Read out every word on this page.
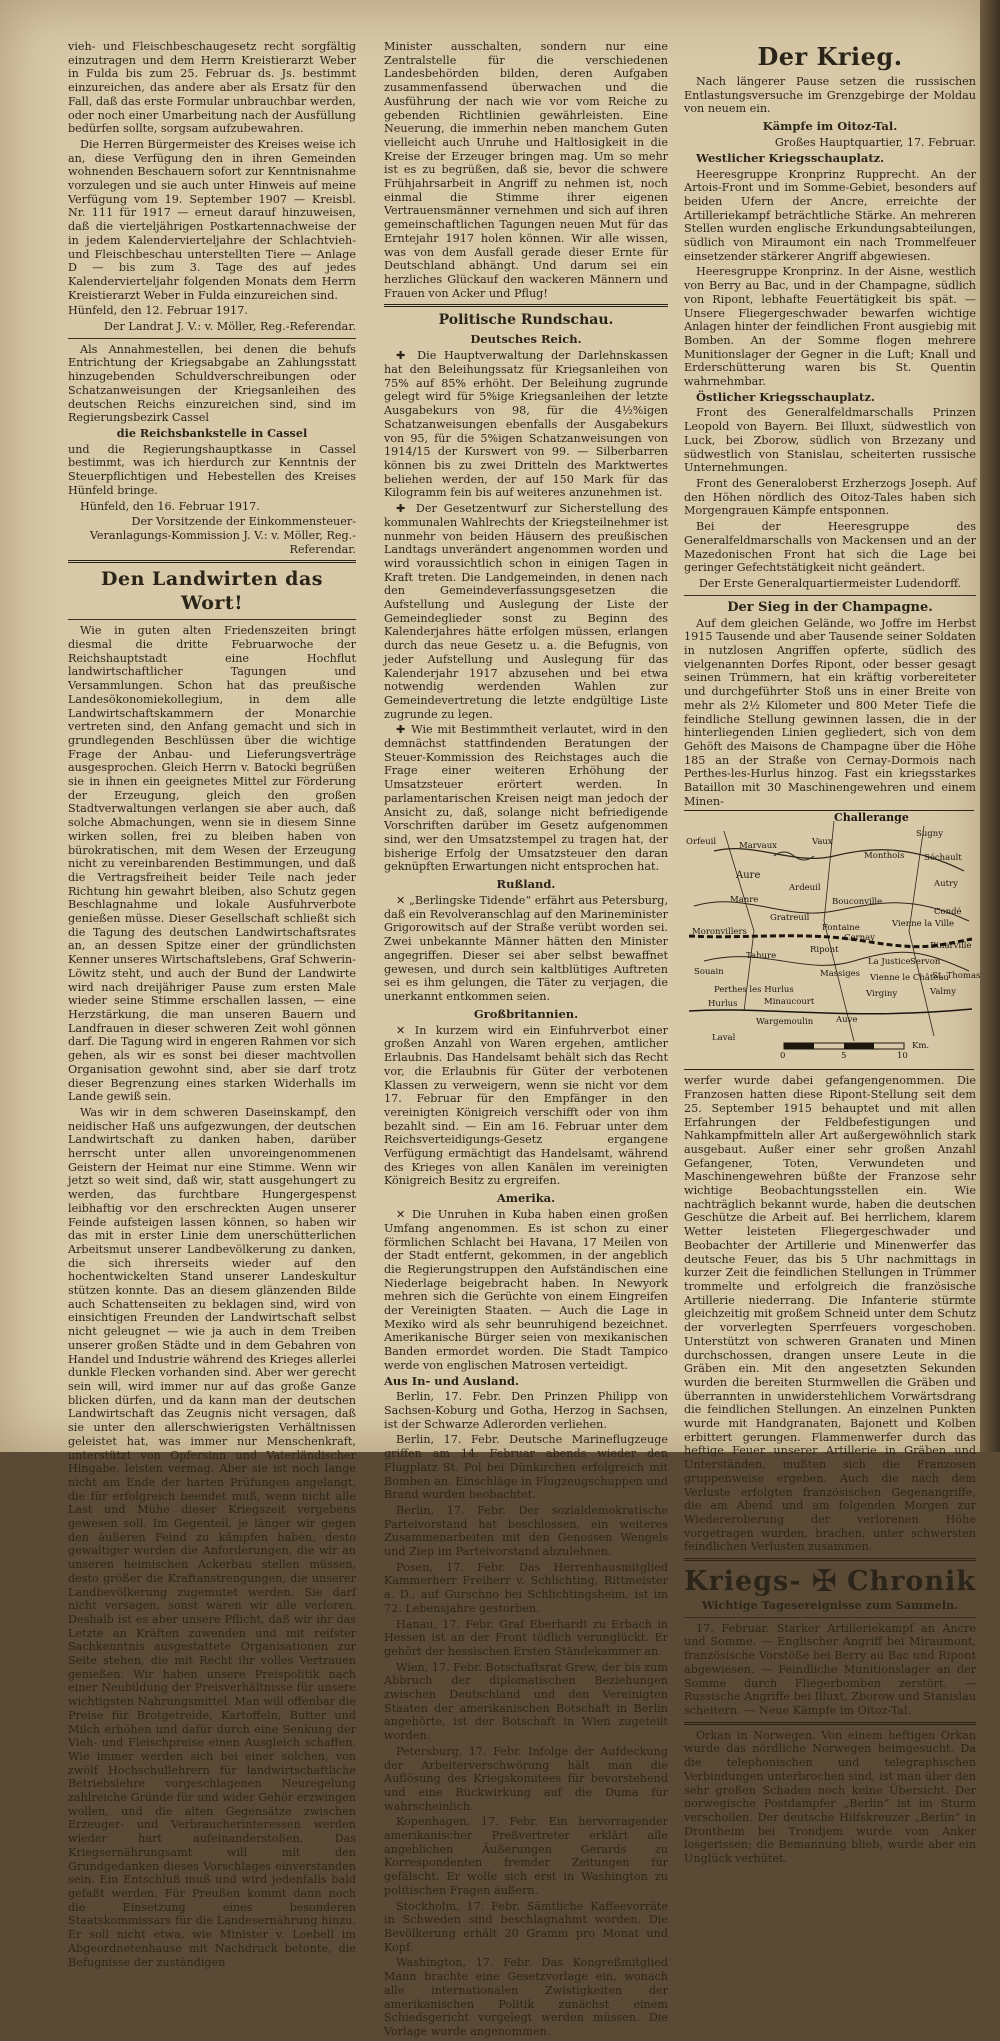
vieh- und Fleischbeschaugesetz recht sorgfältig einzutragen und dem Herrn Kreistierarzt Weber in Fulda bis zum 25. Februar ds. Js. bestimmt einzureichen, das andere aber als Ersatz für den Fall, daß das erste Formular unbrauchbar werden, oder noch einer Umarbeitung nach der Ausfüllung bedürfen sollte, sorgsam aufzubewahren.

Die Herren Bürgermeister des Kreises weise ich an, diese Verfügung den in ihren Gemeinden wohnenden Beschauern sofort zur Kenntnisnahme vorzulegen und sie auch unter Hinweis auf meine Verfügung vom 19. September 1907 — Kreisbl. Nr. 111 für 1917 — erneut darauf hinzuweisen, daß die vierteljährigen Postkartennachweise der in jedem Kalendervierteljahre der Schlachtvieh- und Fleischbeschau unterstellten Tiere — Anlage D — bis zum 3. Tage des auf jedes Kalendervierteljahr folgenden Monats dem Herrn Kreistierarzt Weber in Fulda einzureichen sind.

Hünfeld, den 12. Februar 1917.

Der Landrat J. V.: v. Möller, Reg.-Referendar.

Als Annahmestellen, bei denen die behufs Entrichtung der Kriegsabgabe an Zahlungsstatt hinzugebenden Schuldverschreibungen oder Schatzanweisungen der Kriegsanleihen des deutschen Reichs einzureichen sind, sind im Regierungsbezirk Cassel

die Reichsbankstelle in Cassel

und die Regierungshauptkasse in Cassel bestimmt, was ich hierdurch zur Kenntnis der Steuerpflichtigen und Hebestellen des Kreises Hünfeld bringe.

Hünfeld, den 16. Februar 1917.

Der Vorsitzende der Einkommensteuer-Veranlagungs-Kommission J. V.: v. Möller, Reg.-Referendar.

Den Landwirten das Wort!

Wie in guten alten Friedenszeiten bringt diesmal die dritte Februarwoche der Reichshauptstadt eine Hochflut landwirtschaftlicher Tagungen und Versammlungen. Schon hat das preußische Landesökonomiekollegium, in dem alle Landwirtschaftskammern der Monarchie vertreten sind, den Anfang gemacht und sich in grundlegenden Beschlüssen über die wichtige Frage der Anbau- und Lieferungsverträge ausgesprochen. Gleich Herrn v. Batocki begrüßen sie in ihnen ein geeignetes Mittel zur Förderung der Erzeugung, gleich den großen Stadtverwaltungen verlangen sie aber auch, daß solche Abmachungen, wenn sie in diesem Sinne wirken sollen, frei zu bleiben haben von bürokratischen, mit dem Wesen der Erzeugung nicht zu vereinbarenden Bestimmungen, und daß die Vertragsfreiheit beider Teile nach jeder Richtung hin gewahrt bleiben, also Schutz gegen Beschlagnahme und lokale Ausfuhrverbote genießen müsse. Dieser Gesellschaft schließt sich die Tagung des deutschen Landwirtschaftsrates an, an dessen Spitze einer der gründlichsten Kenner unseres Wirtschaftslebens, Graf Schwerin-Löwitz steht, und auch der Bund der Landwirte wird nach dreijähriger Pause zum ersten Male wieder seine Stimme erschallen lassen, — eine Herzstärkung, die man unseren Bauern und Landfrauen in dieser schweren Zeit wohl gönnen darf. Die Tagung wird in engeren Rahmen vor sich gehen, als wir es sonst bei dieser machtvollen Organisation gewohnt sind, aber sie darf trotz dieser Begrenzung eines starken Widerhalls im Lande gewiß sein.

Was wir in dem schweren Daseinskampf, den neidischer Haß uns aufgezwungen, der deutschen Landwirtschaft zu danken haben, darüber herrscht unter allen unvoreingenommenen Geistern der Heimat nur eine Stimme. Wenn wir jetzt so weit sind, daß wir, statt ausgehungert zu werden, das furchtbare Hungergespenst leibhaftig vor den erschreckten Augen unserer Feinde aufsteigen lassen können, so haben wir das mit in erster Linie dem unerschütterlichen Arbeitsmut unserer Landbevölkerung zu danken, die sich ihrerseits wieder auf den hochentwickelten Stand unserer Landeskultur stützen konnte. Das an diesem glänzenden Bilde auch Schattenseiten zu beklagen sind, wird von einsichtigen Freunden der Landwirtschaft selbst nicht geleugnet — wie ja auch in dem Treiben unserer großen Städte und in dem Gebahren von Handel und Industrie während des Krieges allerlei dunkle Flecken vorhanden sind. Aber wer gerecht sein will, wird immer nur auf das große Ganze blicken dürfen, und da kann man der deutschen Landwirtschaft das Zeugnis nicht versagen, daß sie unter den allerschwierigsten Verhältnissen geleistet hat, was immer nur Menschenkraft, unterstützt von Opfersinn und Vaterländischer Hingabe, leisten vermag. Aber sie ist noch lange nicht am Ende der harten Prüfungen angelangt, die für erfolgreich beendet muß, wenn nicht alle Last und Mühe dieser Kriegszeit vergebens gewesen soll. Im Gegenteil, je länger wir gegen den äußeren Feind zu kämpfen haben, desto gewaltiger werden die Anforderungen, die wir an unseren heimischen Ackerbau stellen müssen, desto größer die Kraftanstrengungen, die unserer Landbevölkerung zugemutet werden. Sie darf nicht versagen, sonst wären wir alle verloren. Deshalb ist es aber unsere Pflicht, daß wir ihr das Letzte an Kräften zuwenden und mit reifster Sachkenntnis ausgestattete Organisationen zur Seite stehen, die mit Recht ihr volles Vertrauen genießen. Wir haben unsere Preispolitik nach einer Neubildung der Preisverhältnisse für unsere wichtigsten Nahrungsmittel. Man will offenbar die Preise für Brotgetreide, Kartoffeln, Butter und Milch erhöhen und dafür durch eine Senkung der Vieh- und Fleischpreise einen Ausgleich schaffen. Wie immer werden sich bei einer solchen, von zwölf Hochschullehrern für landwirtschaftliche Betriebslehre vorgeschlagenen Neuregelung zahlreiche Gründe für und wider Gehör erzwingen wollen, und die alten Gegensätze zwischen Erzeuger- und Verbraucherinteressen werden wieder hart aufeinanderstoßen. Das Kriegsernährungsamt will mit den Grundgedanken dieses Vorschlages einverstanden sein. Ein Entschluß muß und wird jedenfalls bald gefaßt werden. Für Preußen kommt dann noch die Einsetzung eines besonderen Staatskommissars für die Landesernährung hinzu. Er soll nicht etwa, wie Minister v. Loebell im Abgeordnetenhause mit Nachdruck betonte, die Befugnisse der zuständigen

Minister ausschalten, sondern nur eine Zentralstelle für die verschiedenen Landesbehörden bilden, deren Aufgaben zusammenfassend überwachen und die Ausführung der nach wie vor vom Reiche zu gebenden Richtlinien gewährleisten. Eine Neuerung, die immerhin neben manchem Guten vielleicht auch Unruhe und Haltlosigkeit in die Kreise der Erzeuger bringen mag. Um so mehr ist es zu begrüßen, daß sie, bevor die schwere Frühjahrsarbeit in Angriff zu nehmen ist, noch einmal die Stimme ihrer eigenen Vertrauensmänner vernehmen und sich auf ihren gemeinschaftlichen Tagungen neuen Mut für das Erntejahr 1917 holen können. Wir alle wissen, was von dem Ausfall gerade dieser Ernte für Deutschland abhängt. Und darum sei ein herzliches Glückauf den wackeren Männern und Frauen von Acker und Pflug!

Politische Rundschau.
Deutsches Reich.

✚ Die Hauptverwaltung der Darlehnskassen hat den Beleihungssatz für Kriegsanleihen von 75% auf 85% erhöht. Der Beleihung zugrunde gelegt wird für 5%ige Kriegsanleihen der letzte Ausgabekurs von 98, für die 4½%igen Schatzanweisungen ebenfalls der Ausgabekurs von 95, für die 5%igen Schatzanweisungen von 1914/15 der Kurswert von 99. — Silberbarren können bis zu zwei Dritteln des Marktwertes beliehen werden, der auf 150 Mark für das Kilogramm fein bis auf weiteres anzunehmen ist.

✚ Der Gesetzentwurf zur Sicherstellung des kommunalen Wahlrechts der Kriegsteilnehmer ist nunmehr von beiden Häusern des preußischen Landtags unverändert angenommen worden und wird voraussichtlich schon in einigen Tagen in Kraft treten. Die Landgemeinden, in denen nach den Gemeindeverfassungsgesetzen die Aufstellung und Auslegung der Liste der Gemeindeglieder sonst zu Beginn des Kalenderjahres hätte erfolgen müssen, erlangen durch das neue Gesetz u. a. die Befugnis, von jeder Aufstellung und Auslegung für das Kalenderjahr 1917 abzusehen und bei etwa notwendig werdenden Wahlen zur Gemeindevertretung die letzte endgültige Liste zugrunde zu legen.

✚ Wie mit Bestimmtheit verlautet, wird in den demnächst stattfindenden Beratungen der Steuer-Kommission des Reichstages auch die Frage einer weiteren Erhöhung der Umsatzsteuer erörtert werden. In parlamentarischen Kreisen neigt man jedoch der Ansicht zu, daß, solange nicht befriedigende Vorschriften darüber im Gesetz aufgenommen sind, wer den Umsatzstempel zu tragen hat, der bisherige Erfolg der Umsatzsteuer den daran geknüpften Erwartungen nicht entsprochen hat.

Rußland.

✕ „Berlingske Tidende“ erfährt aus Petersburg, daß ein Revolveranschlag auf den Marineminister Grigorowitsch auf der Straße verübt worden sei. Zwei unbekannte Männer hätten den Minister angegriffen. Dieser sei aber selbst bewaffnet gewesen, und durch sein kaltblütiges Auftreten sei es ihm gelungen, die Täter zu verjagen, die unerkannt entkommen seien.

Großbritannien.

✕ In kurzem wird ein Einfuhrverbot einer großen Anzahl von Waren ergehen, amtlicher Erlaubnis. Das Handelsamt behält sich das Recht vor, die Erlaubnis für Güter der verbotenen Klassen zu verweigern, wenn sie nicht vor dem 17. Februar für den Empfänger in den vereinigten Königreich verschifft oder von ihm bezahlt sind. — Ein am 16. Februar unter dem Reichsverteidigungs-Gesetz ergangene Verfügung ermächtigt das Handelsamt, während des Krieges von allen Kanälen im vereinigten Königreich Besitz zu ergreifen.

Amerika.

✕ Die Unruhen in Kuba haben einen großen Umfang angenommen. Es ist schon zu einer förmlichen Schlacht bei Havana, 17 Meilen von der Stadt entfernt, gekommen, in der angeblich die Regierungstruppen den Aufständischen eine Niederlage beigebracht haben. In Newyork mehren sich die Gerüchte von einem Eingreifen der Vereinigten Staaten. — Auch die Lage in Mexiko wird als sehr beunruhigend bezeichnet. Amerikanische Bürger seien von mexikanischen Banden ermordet worden. Die Stadt Tampico werde von englischen Matrosen verteidigt.

Aus In- und Ausland.

Berlin, 17. Febr. Den Prinzen Philipp von Sachsen-Koburg und Gotha, Herzog in Sachsen, ist der Schwarze Adlerorden verliehen.

Berlin, 17. Febr. Deutsche Marineflugzeuge griffen am 14. Februar abends wieder den Flugplatz St. Pol bei Dünkirchen erfolgreich mit Bomben an. Einschläge in Flugzeugschuppen und Brand wurden beobachtet.

Berlin, 17. Febr. Der sozialdemokratische Parteivorstand hat beschlossen, ein weiteres Zusammenarbeiten mit den Genossen Wengels und Ziep im Parteivorstand abzulehnen.

Posen, 17. Febr. Das Herrenhausmitglied Kammerherr Freiherr v. Schlichting, Rittmeister a. D., auf Gurschno bei Schlichtingsheim, ist im 72. Lebensjahre gestorben.

Hanau, 17. Febr. Graf Eberhardt zu Erbach in Hessen ist an der Front tödlich verunglückt. Er gehört der hessischen Ersten Ständekammer an.

Wien, 17. Febr. Botschaftsrat Grew, der bis zum Abbruch der diplomatischen Beziehungen zwischen Deutschland und den Vereinigten Staaten der amerikanischen Botschaft in Berlin angehörte, ist der Botschaft in Wien zugeteilt worden.

Petersburg, 17. Febr. Infolge der Aufdeckung der Arbeiterverschwörung hält man die Auflösung des Kriegskomitees für bevorstehend und eine Rückwirkung auf die Duma für wahrscheinlich.

Kopenhagen, 17. Febr. Ein hervorragender amerikanischer Preßvertreter erklärt alle angeblichen Äußerungen Gerards zu Korrespondenten fremder Zeitungen für gefälscht. Er wolle sich erst in Washington zu politischen Fragen äußern.

Stockholm, 17. Febr. Sämtliche Kaffeevorräte in Schweden sind beschlagnahmt worden. Die Bevölkerung erhält 20 Gramm pro Monat und Kopf.

Washington, 17. Febr. Das Kongreßmitglied Mann brachte eine Gesetzvorlage ein, wonach alle internationalen Zwistigkeiten der amerikanischen Politik zunächst einem Schiedsgericht vorgelegt werden müssen. Die Vorlage wurde angenommen.

Der Krieg.

Nach längerer Pause setzen die russischen Entlastungsversuche im Grenzgebirge der Moldau von neuem ein.

Kämpfe im Oitoz-Tal.

Großes Hauptquartier, 17. Februar.

Westlicher Kriegsschauplatz.

Heeresgruppe Kronprinz Rupprecht. An der Artois-Front und im Somme-Gebiet, besonders auf beiden Ufern der Ancre, erreichte der Artilleriekampf beträchtliche Stärke. An mehreren Stellen wurden englische Erkundungsabteilungen, südlich von Miraumont ein nach Trommelfeuer einsetzender stärkerer Angriff abgewiesen.

Heeresgruppe Kronprinz. In der Aisne, westlich von Berry au Bac, und in der Champagne, südlich von Ripont, lebhafte Feuertätigkeit bis spät. — Unsere Fliegergeschwader bewarfen wichtige Anlagen hinter der feindlichen Front ausgiebig mit Bomben. An der Somme flogen mehrere Munitionslager der Gegner in die Luft; Knall und Erderschütterung waren bis St. Quentin wahrnehmbar.

Östlicher Kriegsschauplatz.

Front des Generalfeldmarschalls Prinzen Leopold von Bayern. Bei Illuxt, südwestlich von Luck, bei Zborow, südlich von Brzezany und südwestlich von Stanislau, scheiterten russische Unternehmungen.

Front des Generaloberst Erzherzogs Joseph. Auf den Höhen nördlich des Oitoz-Tales haben sich Morgengrauen Kämpfe entsponnen.

Bei der Heeresgruppe des Generalfeldmarschalls von Mackensen und an der Mazedonischen Front hat sich die Lage bei geringer Gefechtstätigkeit nicht geändert.

Der Erste Generalquartiermeister Ludendorff.

Der Sieg in der Champagne.

Auf dem gleichen Gelände, wo Joffre im Herbst 1915 Tausende und aber Tausende seiner Soldaten in nutzlosen Angriffen opferte, südlich des vielgenannten Dorfes Ripont, oder besser gesagt seinen Trümmern, hat ein kräftig vorbereiteter und durchgeführter Stoß uns in einer Breite von mehr als 2½ Kilometer und 800 Meter Tiefe die feindliche Stellung gewinnen lassen, die in der hinterliegenden Linien gegliedert, sich von dem Gehöft des Maisons de Champagne über die Höhe 185 an der Straße von Cernay-Dormois nach Perthes-les-Hurlus hinzog. Fast ein kriegsstarkes Bataillon mit 30 Maschinengewehren und einem Minen-

Challerange
Orfeuil	Marvaux	Vaux
Sugny
Monthois Séchault
Aure
Autry
Manre
Ardeuil
Bouconville
Condé
Vienne la Ville
Gratreuil
Fontaine
Cernay
Binarville
Tahure
Ripont
Servon
Souain	Massiges Vienne le Château
La Justice
Perthes les Hurlus	Virginy
Hurlus	Minaucourt
Valmy
Wargemoulin
Laval
Auve
St. Thomas
Moronvillers
0	5	10
Km.

werfer wurde dabei gefangengenommen. Die Franzosen hatten diese Ripont-Stellung seit dem 25. September 1915 behauptet und mit allen Erfahrungen der Feldbefestigungen und Nahkampfmitteln aller Art außergewöhnlich stark ausgebaut. Außer einer sehr großen Anzahl Gefangener, Toten, Verwundeten und Maschinengewehren büßte der Franzose sehr wichtige Beobachtungsstellen ein. Wie nachträglich bekannt wurde, haben die deutschen Geschütze die Arbeit auf. Bei herrlichem, klarem Wetter leisteten Fliegergeschwader und Beobachter der Artillerie und Minenwerfer das deutsche Feuer, das bis 5 Uhr nachmittags in kurzer Zeit die feindlichen Stellungen in Trümmer trommelte und erfolgreich die französische Artillerie niederrang. Die Infanterie stürmte gleichzeitig mit großem Schneid unter dem Schutz der vorverlegten Sperrfeuers vorgeschoben. Unterstützt von schweren Granaten und Minen durchschossen, drangen unsere Leute in die Gräben ein. Mit den angesetzten Sekunden wurden die bereiten Sturmwellen die Gräben und überrannten in unwiderstehlichem Vorwärtsdrang die feindlichen Stellungen. An einzelnen Punkten wurde mit Handgranaten, Bajonett und Kolben erbittert gerungen. Flammenwerfer durch das heftige Feuer unserer Artillerie in Gräben und Unterständen, mußten sich die Franzosen gruppenweise ergeben. Auch die nach dem Verluste erfolgten französischen Gegenangriffe, die am Abend und am folgenden Morgen zur Wiedereroberung der verlorenen Höhe vorgetragen wurden, brachen, unter schwersten feindlichen Verlusten zusammen.

Kriegs- ✠ Chronik

Wichtige Tagesereignisse zum Sammeln.

17. Februar. Starker Artilleriekampf an Ancre und Somme. — Englischer Angriff bei Miraumont, französische Vorstöße bei Berry au Bac und Ripont abgewiesen. — Feindliche Munitionslager an der Somme durch Fliegerbomben zerstört. — Russische Angriffe bei Illuxt, Zborow und Stanislau scheitern. — Neue Kämpfe im Oitoz-Tal.

Orkan in Norwegen. Von einem heftigen Orkan wurde das nördliche Norwegen heimgesucht. Da die telephonischen und telegraphischen Verbindungen unterbrochen sind, ist man über den sehr großen Schaden noch keine Übersicht. Der norwegische Postdampfer „Berlin“ ist im Sturm verschollen. Der deutsche Hilfskreuzer „Berlin“ in Drontheim bei Trondjem wurde vom Anker losgerissen; die Bemannung blieb, wurde aber ein Unglück verhütet.
